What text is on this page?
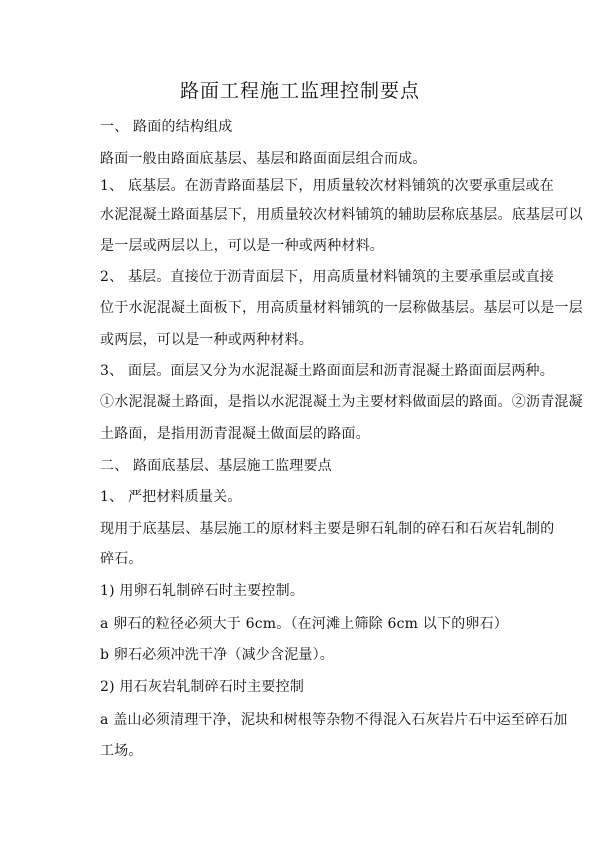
路面工程施工监理控制要点
一、 路面的结构组成
路面一般由路面底基层、基层和路面面层组合而成。
1、 底基层。在沥青路面基层下，用质量较次材料铺筑的次要承重层或在
水泥混凝土路面基层下，用质量较次材料铺筑的辅助层称底基层。底基层可以
是一层或两层以上，可以是一种或两种材料。
2、 基层。直接位于沥青面层下，用高质量材料铺筑的主要承重层或直接
位于水泥混凝土面板下，用高质量材料铺筑的一层称做基层。基层可以是一层
或两层，可以是一种或两种材料。
3、 面层。面层又分为水泥混凝土路面面层和沥青混凝土路面面层两种。
①水泥混凝土路面，是指以水泥混凝土为主要材料做面层的路面。②沥青混凝
土路面，是指用沥青混凝土做面层的路面。
二、 路面底基层、基层施工监理要点
1、 严把材料质量关。
现用于底基层、基层施工的原材料主要是卵石轧制的碎石和石灰岩轧制的
碎石。
1) 用卵石轧制碎石时主要控制。
a 卵石的粒径必须大于 6cm。（在河滩上筛除 6cm 以下的卵石）
b 卵石必须冲洗干净（减少含泥量）。
2) 用石灰岩轧制碎石时主要控制
a 盖山必须清理干净，泥块和树根等杂物不得混入石灰岩片石中运至碎石加
工场。
